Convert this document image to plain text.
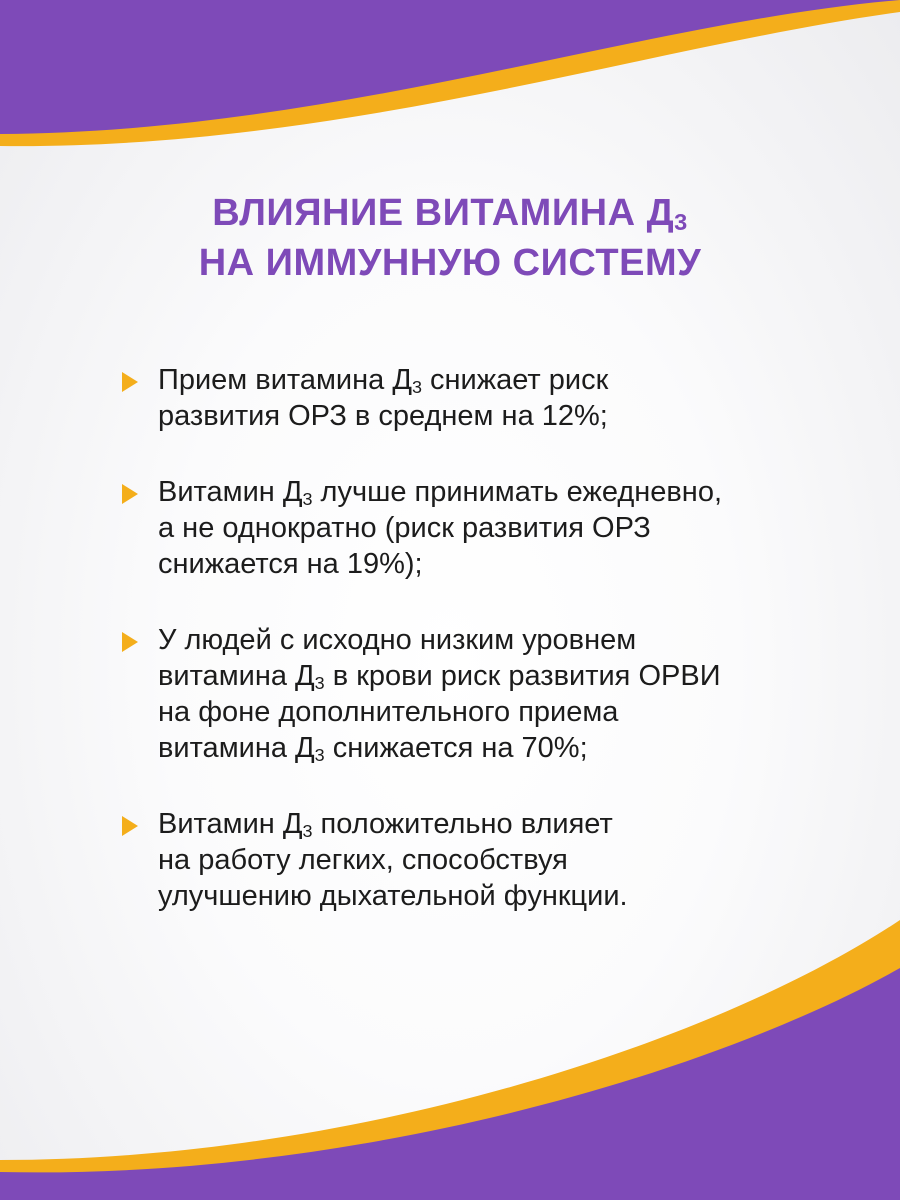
ВЛИЯНИЕ ВИТАМИНА $Д_3$
НА ИММУННУЮ СИСТЕМУ
Прием витамина $Д_3$ снижает риск
развития ОРЗ в среднем на 12%;
Витамин $Д_3$ лучше принимать ежедневно,
а не однократно (риск развития ОРЗ
снижается на 19%);
У людей с исходно низким уровнем
витамина $Д_3$ в крови риск развития ОРВИ
на фоне дополнительного приема
витамина $Д_3$ снижается на 70%;
Витамин $Д_3$ положительно влияет
на работу легких, способствуя
улучшению дыхательной функции.
